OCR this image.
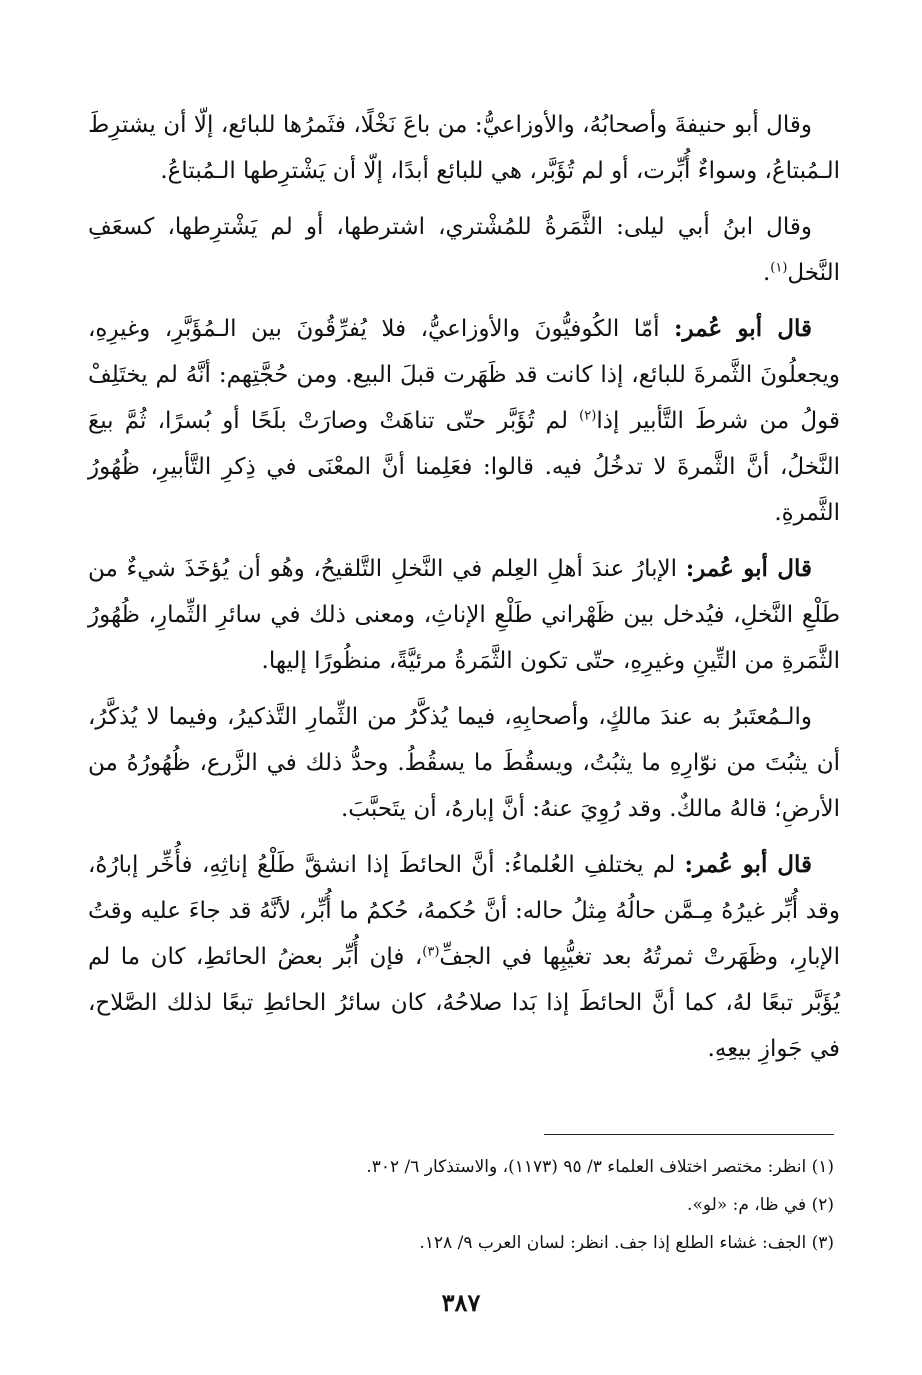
وقال أبو حنيفةَ وأصحابُهُ، والأوزاعيُّ: من باعَ نَخْلًا، فثَمرُها للبائع، إلّا أن يشترِطَ الـمُبتاعُ، وسواءٌ أُبِّرت، أو لم تُؤَبَّر، هي للبائع أبدًا، إلّا أن يَشْترِطها الـمُبتاعُ.

وقال ابنُ أبي ليلى: الثَّمَرةُ للمُشْتري، اشترطها، أو لم يَشْترِطها، كسعَفِ النَّخل$^{(١)}$.

قال أبو عُمر: أمّا الكُوفيُّونَ والأوزاعيُّ، فلا يُفرِّقُونَ بين الـمُؤَبَّرِ، وغيرِهِ، ويجعلُونَ الثَّمرةَ للبائع، إذا كانت قد ظَهَرت قبلَ البيع. ومن حُجَّتِهم: أنَّهُ لم يختَلِفْ قولُ من شرطَ التَّأبير إذا$^{(٢)}$ لم تُؤَبَّر حتّى تناهَتْ وصارَتْ بلَحًا أو بُسرًا، ثُمَّ بيعَ النَّخلُ، أنَّ الثَّمرةَ لا تدخُلُ فيه. قالوا: فعَلِمنا أنَّ المعْنَى في ذِكرِ التَّأبيرِ، ظُهُورُ الثَّمرةِ.

قال أبو عُمر: الإبارُ عندَ أهلِ العِلم في النَّخلِ التَّلقيحُ، وهُو أن يُؤخَذَ شيءٌ من طَلْعِ النَّخلِ، فيُدخل بين ظَهْراني طَلْعِ الإناثِ، ومعنى ذلك في سائرِ الثِّمارِ، ظُهُورُ الثَّمَرةِ من التِّينِ وغيرِهِ، حتّى تكون الثَّمَرةُ مرئيَّةً، منظُورًا إليها.

والـمُعتَبرُ به عندَ مالكٍ، وأصحابِهِ، فيما يُذكَّرُ من الثِّمارِ التَّذكيرُ، وفيما لا يُذكَّرُ، أن يثبُتَ من نوّارِهِ ما يثبُتُ، ويسقُطَ ما يسقُطُ. وحدُّ ذلك في الزَّرع، ظُهُورُهُ من الأرضِ؛ قالهُ مالكٌ. وقد رُوِيَ عنهُ: أنَّ إبارهُ، أن يتَحبَّبَ.

قال أبو عُمر: لم يختلفِ العُلماءُ: أنَّ الحائطَ إذا انشقَّ طَلْعُ إناثِهِ، فأُخِّر إبارُهُ، وقد أُبِّر غيرُهُ مِـمَّن حالُهُ مِثلُ حاله: أنَّ حُكمهُ، حُكمُ ما أُبِّر، لأنَّهُ قد جاءَ عليه وقتُ الإبارِ، وظَهَرتْ ثمرتُهُ بعد تغيُّبِها في الجفِّ$^{(٣)}$، فإن أُبِّر بعضُ الحائطِ، كان ما لم يُؤَبَّر تبعًا لهُ، كما أنَّ الحائطَ إذا بَدا صلاحُهُ، كان سائرُ الحائطِ تبعًا لذلك الصَّلاح، في جَوازِ بيعِهِ.

(١) انظر: مختصر اختلاف العلماء ٣/ ٩٥ (١١٧٣)، والاستذكار ٦/ ٣٠٢.

(٢) في ظا، م: «لو».

(٣) الجف: غشاء الطلع إذا جف. انظر: لسان العرب ٩/ ١٢٨.

٣٨٧
